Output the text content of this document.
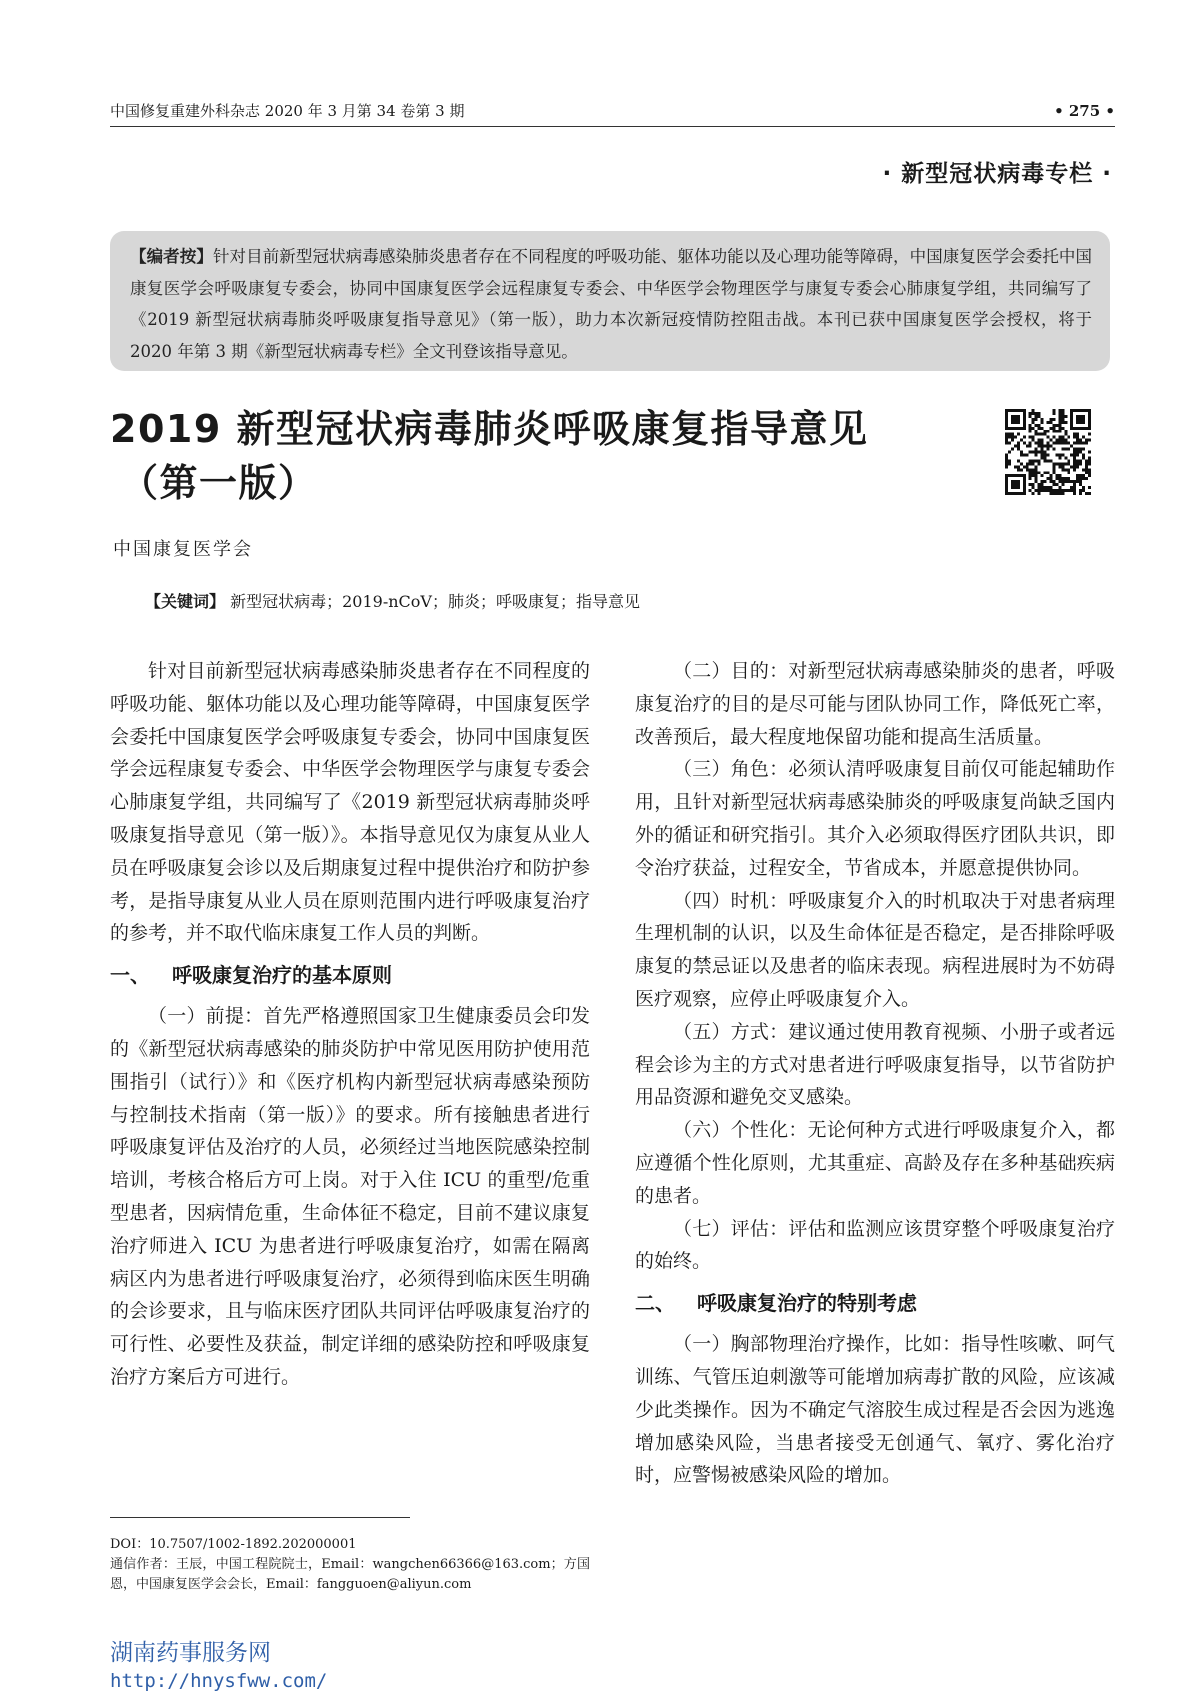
中国修复重建外科杂志 2020 年 3 月第 34 卷第 3 期	• 275 •
· 新型冠状病毒专栏 ·
【编者按】针对目前新型冠状病毒感染肺炎患者存在不同程度的呼吸功能、躯体功能以及心理功能等障碍，中国康复医学会委托中国康复医学会呼吸康复专委会，协同中国康复医学会远程康复专委会、中华医学会物理医学与康复专委会心肺康复学组，共同编写了《2019 新型冠状病毒肺炎呼吸康复指导意见》（第一版），助力本次新冠疫情防控阻击战。本刊已获中国康复医学会授权，将于 2020 年第 3 期《新型冠状病毒专栏》全文刊登该指导意见。
2019 新型冠状病毒肺炎呼吸康复指导意见
（第一版）
中国康复医学会
【关键词】 新型冠状病毒；2019-nCoV；肺炎；呼吸康复；指导意见

针对目前新型冠状病毒感染肺炎患者存在不同程度的呼吸功能、躯体功能以及心理功能等障碍，中国康复医学会委托中国康复医学会呼吸康复专委会，协同中国康复医学会远程康复专委会、中华医学会物理医学与康复专委会心肺康复学组，共同编写了《2019 新型冠状病毒肺炎呼吸康复指导意见（第一版）》。本指导意见仅为康复从业人员在呼吸康复会诊以及后期康复过程中提供治疗和防护参考，是指导康复从业人员在原则范围内进行呼吸康复治疗的参考，并不取代临床康复工作人员的判断。

一、 呼吸康复治疗的基本原则

（一）前提：首先严格遵照国家卫生健康委员会印发的《新型冠状病毒感染的肺炎防护中常见医用防护使用范围指引（试行）》和《医疗机构内新型冠状病毒感染预防与控制技术指南（第一版）》的要求。所有接触患者进行呼吸康复评估及治疗的人员，必须经过当地医院感染控制培训，考核合格后方可上岗。对于入住 ICU 的重型/危重型患者，因病情危重，生命体征不稳定，目前不建议康复治疗师进入 ICU 为患者进行呼吸康复治疗，如需在隔离病区内为患者进行呼吸康复治疗，必须得到临床医生明确的会诊要求，且与临床医疗团队共同评估呼吸康复治疗的可行性、必要性及获益，制定详细的感染防控和呼吸康复治疗方案后方可进行。

（二）目的：对新型冠状病毒感染肺炎的患者，呼吸康复治疗的目的是尽可能与团队协同工作，降低死亡率，改善预后，最大程度地保留功能和提高生活质量。

（三）角色：必须认清呼吸康复目前仅可能起辅助作用，且针对新型冠状病毒感染肺炎的呼吸康复尚缺乏国内外的循证和研究指引。其介入必须取得医疗团队共识，即令治疗获益，过程安全，节省成本，并愿意提供协同。

（四）时机：呼吸康复介入的时机取决于对患者病理生理机制的认识，以及生命体征是否稳定，是否排除呼吸康复的禁忌证以及患者的临床表现。病程进展时为不妨碍医疗观察，应停止呼吸康复介入。

（五）方式：建议通过使用教育视频、小册子或者远程会诊为主的方式对患者进行呼吸康复指导，以节省防护用品资源和避免交叉感染。

（六）个性化：无论何种方式进行呼吸康复介入，都应遵循个性化原则，尤其重症、高龄及存在多种基础疾病的患者。

（七）评估：评估和监测应该贯穿整个呼吸康复治疗的始终。

二、 呼吸康复治疗的特别考虑

（一）胸部物理治疗操作，比如：指导性咳嗽、呵气训练、气管压迫刺激等可能增加病毒扩散的风险，应该减少此类操作。因为不确定气溶胶生成过程是否会因为逃逸增加感染风险，当患者接受无创通气、氧疗、雾化治疗时，应警惕被感染风险的增加。

DOI：10.7507/1002-1892.202000001
通信作者：王辰，中国工程院院士，Email：wangchen66366@163.com；方国恩，中国康复医学会会长，Email：fangguoen@aliyun.com
湖南药事服务网
http://hnysfww.com/
